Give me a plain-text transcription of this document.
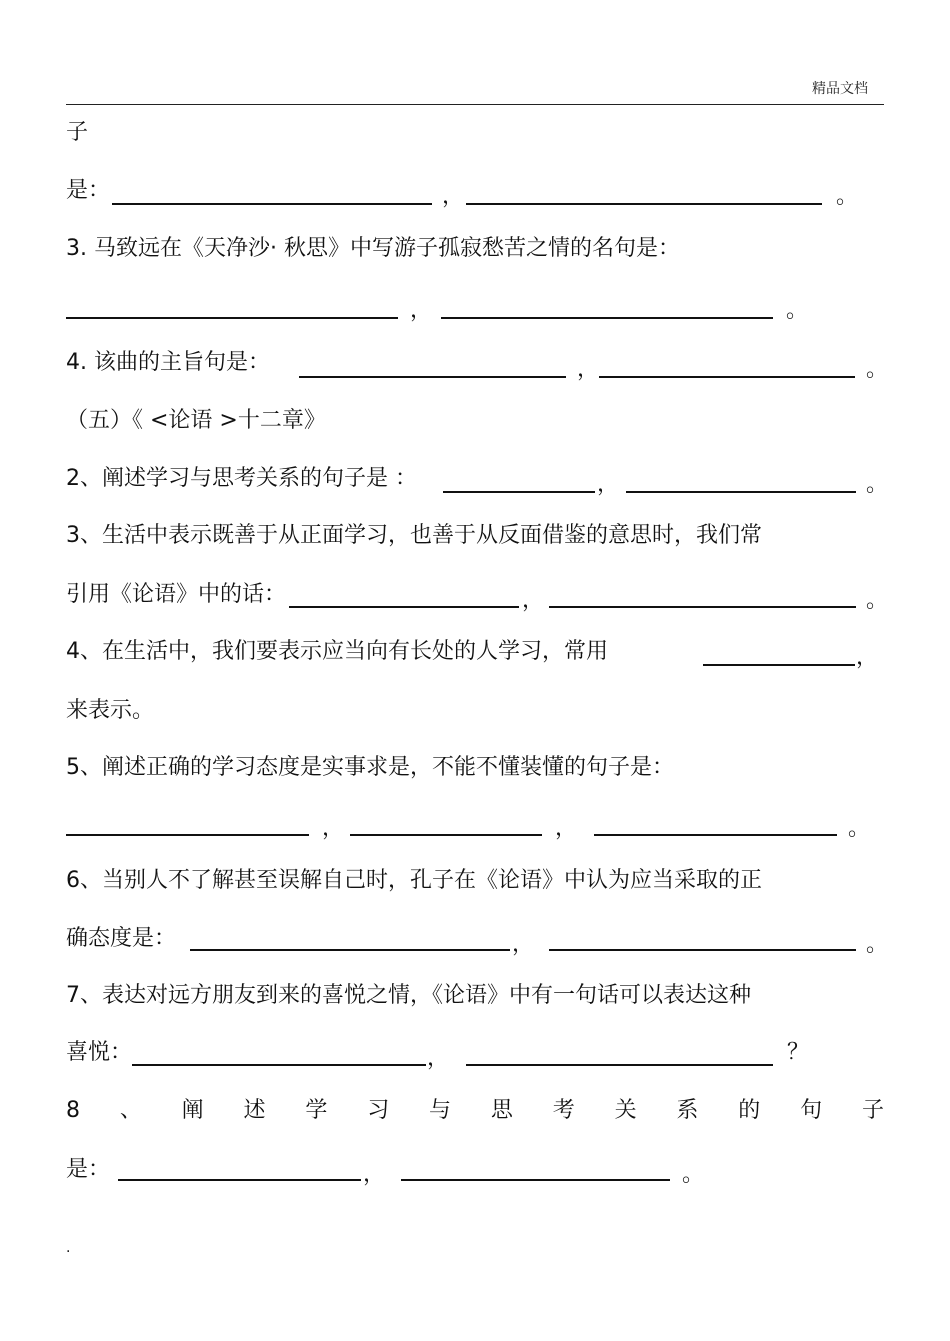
精品文档
子
是：	，	。
3. 马致远在《天净沙· 秋思》中写游子孤寂愁苦之情的名句是：
，	。
4. 该曲的主旨句是：	，	。
（五）《 <论语 >十二章》
2、阐述学习与思考关系的句子是 ：	，	。
3、生活中表示既善于从正面学习，也善于从反面借鉴的意思时，我们常
引用《论语》中的话：	，	。
4、在生活中，我们要表示应当向有长处的人学习，常用	，
来表示。
5、阐述正确的学习态度是实事求是，不能不懂装懂的句子是：
，	，	。
6、当别人不了解甚至误解自己时，孔子在《论语》中认为应当采取的正
确态度是：	，	。
7、表达对远方朋友到来的喜悦之情，《论语》中有一句话可以表达这种
喜悦：	，	？
8 、 阐 述 学 习 与 思 考 关 系 的 句 子
是：	，	。
.
